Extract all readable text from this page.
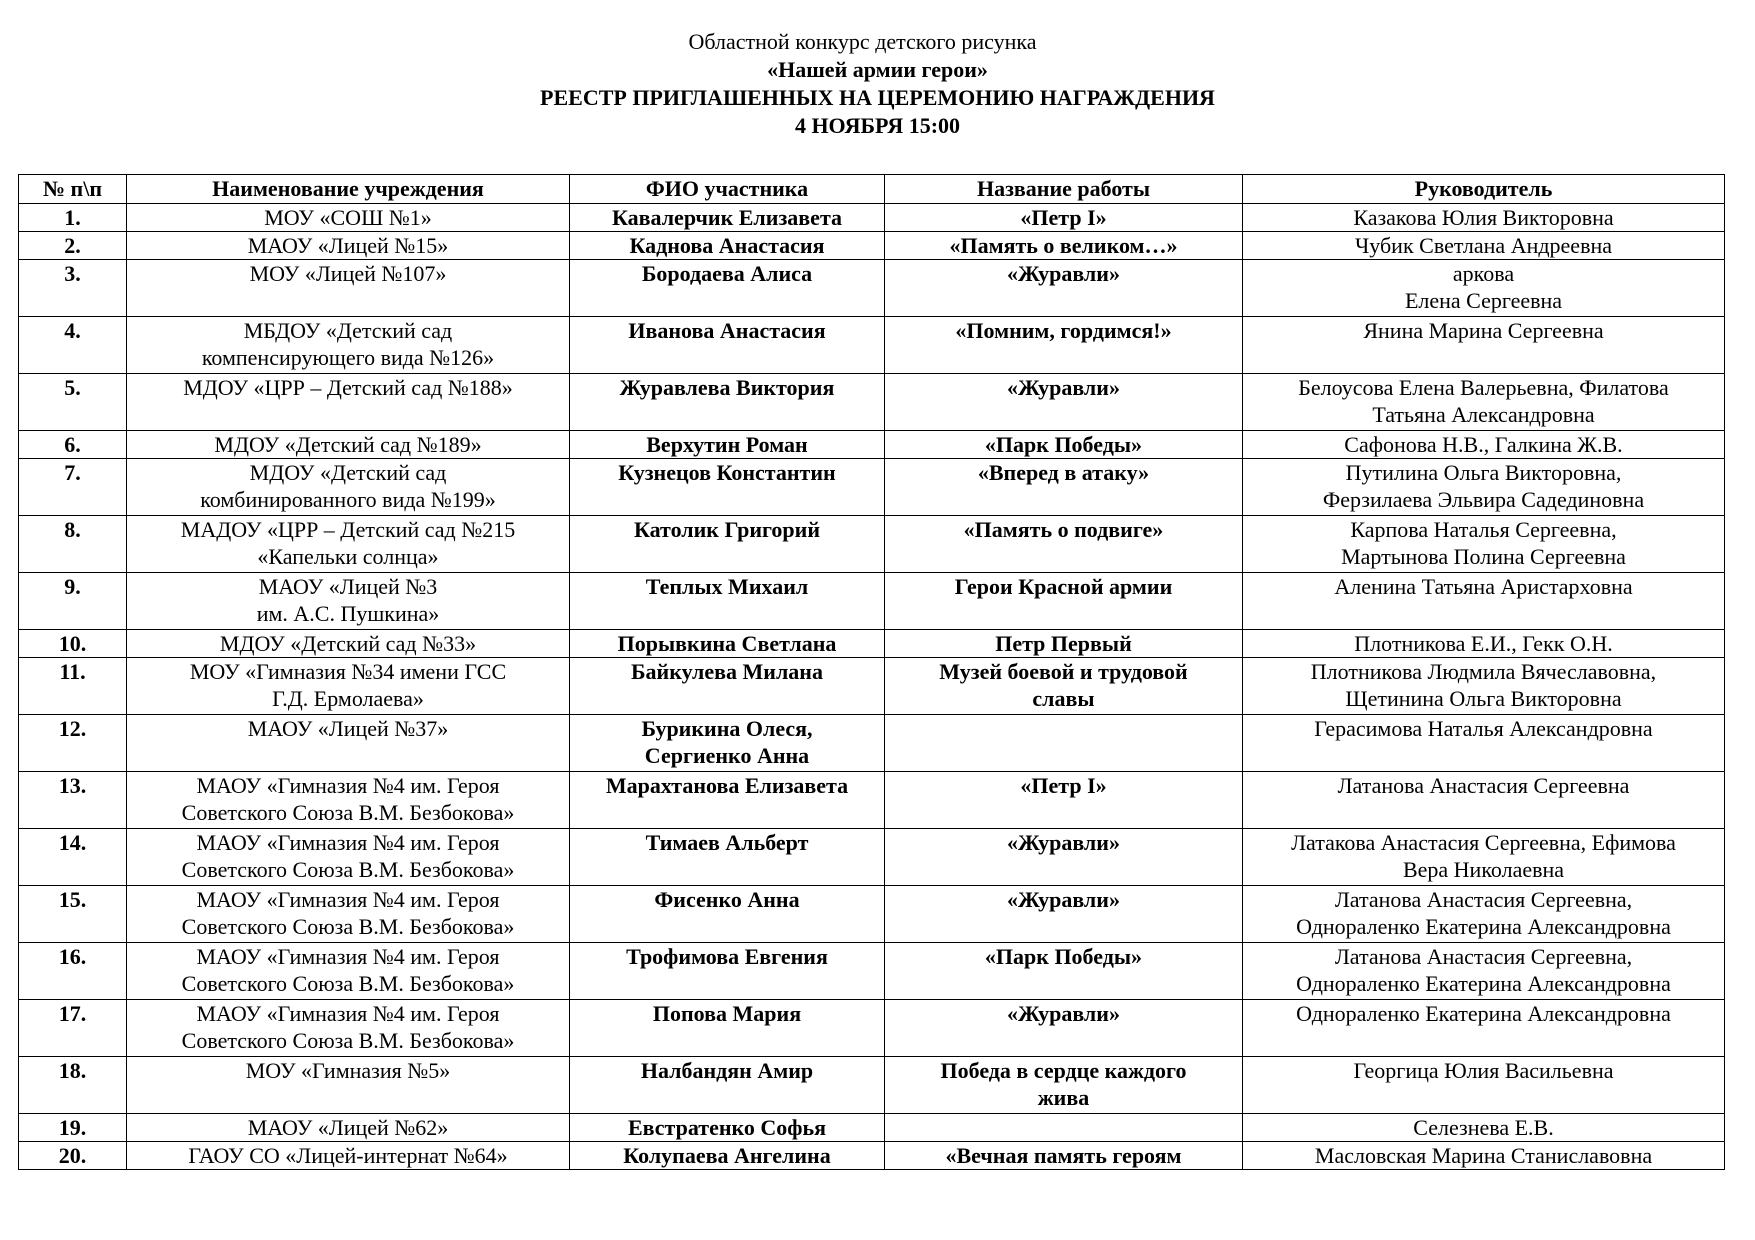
Областной конкурс детского рисунка
«Нашей армии герои»
РЕЕСТР ПРИГЛАШЕННЫХ НА ЦЕРЕМОНИЮ НАГРАЖДЕНИЯ
4 НОЯБРЯ 15:00
№ п\п	Наименование учреждения	ФИО участника	Название работы	Руководитель
1.	МОУ «СОШ №1»	Кавалерчик Елизавета	«Петр I»	Казакова Юлия Викторовна

2.	МАОУ «Лицей №15»	Каднова Анастасия	«Память о великом…»	Чубик Светлана Андреевна

3.	МОУ «Лицей №107»	Бородаева Алиса	«Журавли»	аркова
Елена Сергеевна

4.	МБДОУ «Детский сад
компенсирующего вида №126»	Иванова Анастасия	«Помним, гордимся!»	Янина Марина Сергеевна

5.	МДОУ «ЦРР – Детский сад №188»	Журавлева Виктория	«Журавли»	Белоусова Елена Валерьевна, Филатова
Татьяна Александровна

6.	МДОУ «Детский сад №189»	Верхутин Роман	«Парк Победы»	Сафонова Н.В., Галкина Ж.В.

7.	МДОУ «Детский сад
комбинированного вида №199»	Кузнецов Константин	«Вперед в атаку»	Путилина Ольга Викторовна,
Ферзилаева Эльвира Садединовна

8.	МАДОУ «ЦРР – Детский сад №215
«Капельки солнца»	Католик Григорий	«Память о подвиге»	Карпова Наталья Сергеевна,
Мартынова Полина Сергеевна

9.	МАОУ «Лицей №3
им. А.С. Пушкина»	Теплых Михаил	Герои Красной армии	Аленина Татьяна Аристарховна

10.	МДОУ «Детский сад №33»	Порывкина Светлана	Петр Первый	Плотникова Е.И., Гекк О.Н.

11.	МОУ «Гимназия №34 имени ГСС
Г.Д. Ермолаева»	Байкулева Милана	Музей боевой и трудовой
славы	Плотникова Людмила Вячеславовна,
Щетинина Ольга Викторовна

12.	МАОУ «Лицей №37»	Бурикина Олеся,
Сергиенко Анна		Герасимова Наталья Александровна

13.	МАОУ «Гимназия №4 им. Героя
Советского Союза В.М. Безбокова»	Марахтанова Елизавета	«Петр I»	Латанова Анастасия Сергеевна

14.	МАОУ «Гимназия №4 им. Героя
Советского Союза В.М. Безбокова»	Тимаев Альберт	«Журавли»	Латакова Анастасия Сергеевна, Ефимова
Вера Николаевна

15.	МАОУ «Гимназия №4 им. Героя
Советского Союза В.М. Безбокова»	Фисенко Анна	«Журавли»	Латанова Анастасия Сергеевна,
Однораленко Екатерина Александровна

16.	МАОУ «Гимназия №4 им. Героя
Советского Союза В.М. Безбокова»	Трофимова Евгения	«Парк Победы»	Латанова Анастасия Сергеевна,
Однораленко Екатерина Александровна

17.	МАОУ «Гимназия №4 им. Героя
Советского Союза В.М. Безбокова»	Попова Мария	«Журавли»	Однораленко Екатерина Александровна

18.	МОУ «Гимназия №5»	Налбандян Амир	Победа в сердце каждого
жива	Георгица Юлия Васильевна

19.	МАОУ «Лицей №62»	Евстратенко Софья		Селезнева Е.В.

20.	ГАОУ СО «Лицей-интернат №64»	Колупаева Ангелина	«Вечная память героям	Масловская Марина Станиславовна
